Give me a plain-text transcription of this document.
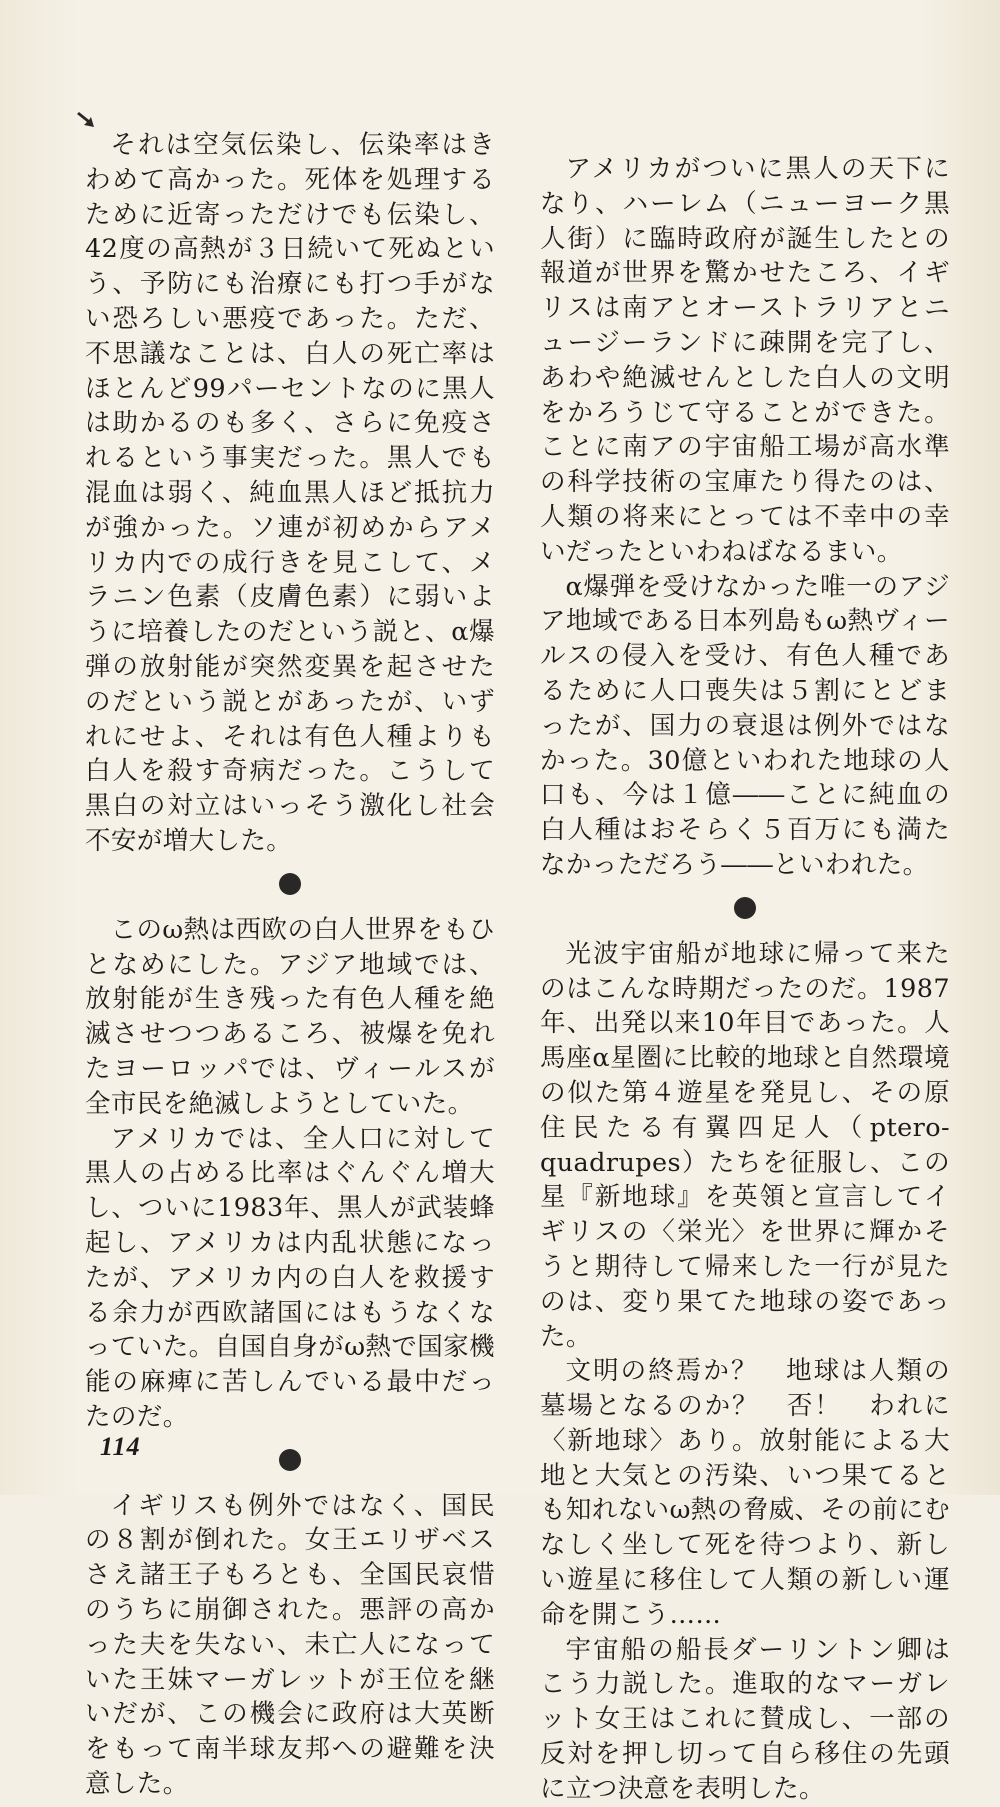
それは空気伝染し、伝染率はきわめて高かった。死体を処理するために近寄っただけでも伝染し、42度の高熱が３日続いて死ぬという、予防にも治療にも打つ手がない恐ろしい悪疫であった。ただ、不思議なことは、白人の死亡率はほとんど99パーセントなのに黒人は助かるのも多く、さらに免疫されるという事実だった。黒人でも混血は弱く、純血黒人ほど抵抗力が強かった。ソ連が初めからアメリカ内での成行きを見こして、メラニン色素（皮膚色素）に弱いように培養したのだという説と、α爆弾の放射能が突然変異を起させたのだという説とがあったが、いずれにせよ、それは有色人種よりも白人を殺す奇病だった。こうして黒白の対立はいっそう激化し社会不安が増大した。

このω熱は西欧の白人世界をもひとなめにした。アジア地域では、放射能が生き残った有色人種を絶滅させつつあるころ、被爆を免れたヨーロッパでは、ヴィールスが全市民を絶滅しようとしていた。

アメリカでは、全人口に対して黒人の占める比率はぐんぐん増大し、ついに1983年、黒人が武装蜂起し、アメリカは内乱状態になったが、アメリカ内の白人を救援する余力が西欧諸国にはもうなくなっていた。自国自身がω熱で国家機能の麻痺に苦しんでいる最中だったのだ。

イギリスも例外ではなく、国民の８割が倒れた。女王エリザベスさえ諸王子もろとも、全国民哀惜のうちに崩御された。悪評の高かった夫を失ない、未亡人になっていた王妹マーガレットが王位を継いだが、この機会に政府は大英断をもって南半球友邦への避難を決意した。

アメリカがついに黒人の天下になり、ハーレム（ニューヨーク黒人街）に臨時政府が誕生したとの報道が世界を驚かせたころ、イギリスは南アとオーストラリアとニュージーランドに疎開を完了し、あわや絶滅せんとした白人の文明をかろうじて守ることができた。ことに南アの宇宙船工場が高水準の科学技術の宝庫たり得たのは、人類の将来にとっては不幸中の幸いだったといわねばなるまい。

α爆弾を受けなかった唯一のアジア地域である日本列島もω熱ヴィールスの侵入を受け、有色人種であるために人口喪失は５割にとどまったが、国力の衰退は例外ではなかった。30億といわれた地球の人口も、今は１億――ことに純血の白人種はおそらく５百万にも満たなかっただろう――といわれた。

光波宇宙船が地球に帰って来たのはこんな時期だったのだ。1987年、出発以来10年目であった。人馬座α星圏に比較的地球と自然環境の似た第４遊星を発見し、その原住民たる有翼四足人（ptero-quadrupes）たちを征服し、この星『新地球』を英領と宣言してイギリスの〈栄光〉を世界に輝かそうと期待して帰来した一行が見たのは、変り果てた地球の姿であった。

文明の終焉か？　地球は人類の墓場となるのか？　否！　われに〈新地球〉あり。放射能による大地と大気との汚染、いつ果てるとも知れないω熱の脅威、その前にむなしく坐して死を待つより、新しい遊星に移住して人類の新しい運命を開こう……

宇宙船の船長ダーリントン卿はこう力説した。進取的なマーガレット女王はこれに賛成し、一部の反対を押し切って自ら移住の先頭に立つ決意を表明した。

114
